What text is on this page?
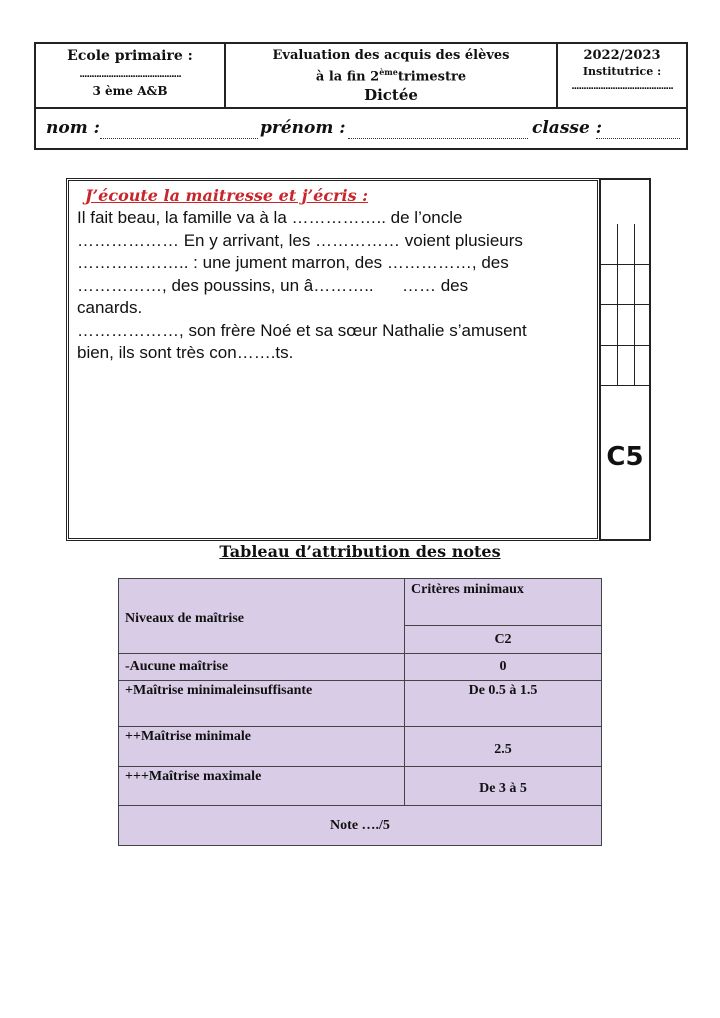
Ecole primaire :
..........................................
3 ème A&B
Evaluation des acquis des élèves
à la fin 2èmetrimestre
Dictée
2022/2023
Institutrice :
..........................................
nom :	prénom :	classe :
J’écoute la maitresse et j’écris :
Il fait beau, la famille va à la …………….. de l’oncle
……………… En y arrivant, les …………… voient plusieurs
……………….. : une jument marron, des ……………, des
……………, des poussins, un â………..      …… des
canards.
………………, son frère Noé et sa sœur Nathalie s’amusent
bien, ils sont très con…….ts.
C5
Tableau d’attribution des notes
Niveaux de maîtrise	Critères minimaux
	C2
-Aucune maîtrise	0
+Maîtrise minimaleinsuffisante	De 0.5 à 1.5
++Maîtrise minimale	2.5
+++Maîtrise maximale	De 3 à 5
Note …./5	
